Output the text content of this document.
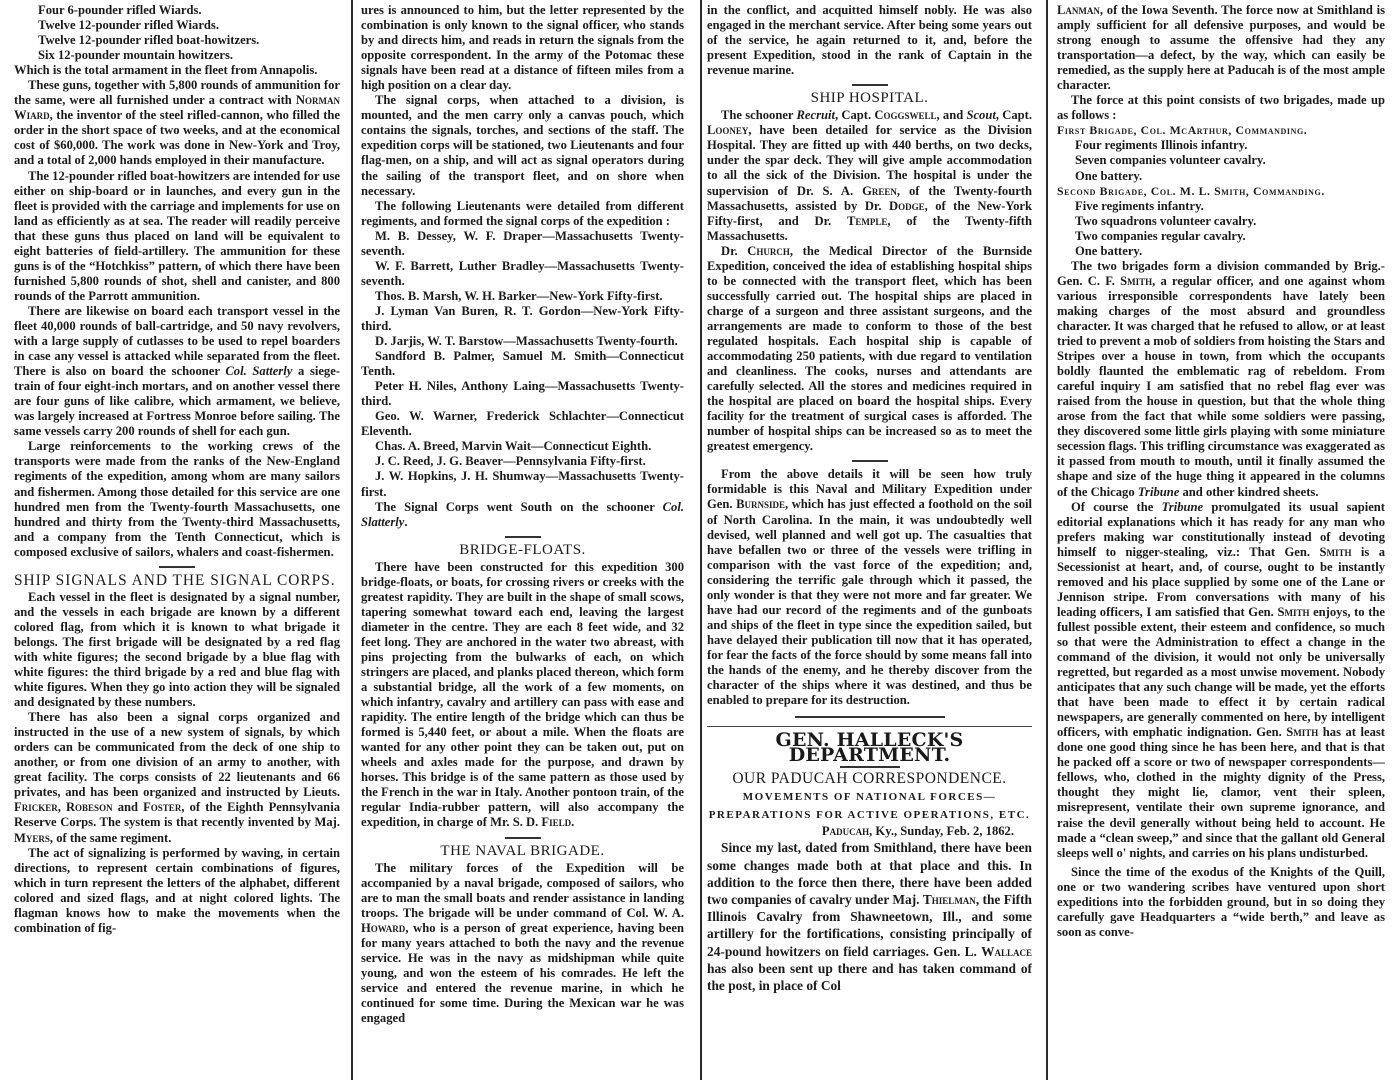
Four 6-pounder rifled Wiards.

Twelve 12-pounder rifled Wiards.

Twelve 12-pounder rifled boat-howitzers.

Six 12-pounder mountain howitzers.

Which is the total armament in the fleet from Annapolis.

These guns, together with 5,800 rounds of ammunition for the same, were all furnished under a contract with Norman Wiard, the inventor of the steel rifled-cannon, who filled the order in the short space of two weeks, and at the economical cost of $60,000. The work was done in New-York and Troy, and a total of 2,000 hands employed in their manufacture.

The 12-pounder rifled boat-howitzers are intended for use either on ship-board or in launches, and every gun in the fleet is provided with the carriage and implements for use on land as efficiently as at sea. The reader will readily perceive that these guns thus placed on land will be equivalent to eight batteries of field-artillery. The ammunition for these guns is of the “Hotchkiss” pattern, of which there have been furnished 5,800 rounds of shot, shell and canister, and 800 rounds of the Parrott ammunition.

There are likewise on board each transport vessel in the fleet 40,000 rounds of ball-cartridge, and 50 navy revolvers, with a large supply of cutlasses to be used to repel boarders in case any vessel is attacked while separated from the fleet. There is also on board the schooner Col. Satterly a siege-train of four eight-inch mortars, and on another vessel there are four guns of like calibre, which armament, we believe, was largely increased at Fortress Monroe before sailing. The same vessels carry 200 rounds of shell for each gun.

Large reinforcements to the working crews of the transports were made from the ranks of the New-England regiments of the expedition, among whom are many sailors and fishermen. Among those detailed for this service are one hundred men from the Twenty-fourth Massachusetts, one hundred and thirty from the Twenty-third Massachusetts, and a company from the Tenth Connecticut, which is composed exclusive of sailors, whalers and coast-fishermen.

SHIP SIGNALS AND THE SIGNAL CORPS.

Each vessel in the fleet is designated by a signal number, and the vessels in each brigade are known by a different colored flag, from which it is known to what brigade it belongs. The first brigade will be designated by a red flag with white figures; the second brigade by a blue flag with white figures: the third brigade by a red and blue flag with white figures. When they go into action they will be signaled and designated by these numbers.

There has also been a signal corps organized and instructed in the use of a new system of signals, by which orders can be communicated from the deck of one ship to another, or from one division of an army to another, with great facility. The corps consists of 22 lieutenants and 66 privates, and has been organized and instructed by Lieuts. Fricker, Robeson and Foster, of the Eighth Pennsylvania Reserve Corps. The system is that recently invented by Maj. Myers, of the same regiment.

The act of signalizing is performed by waving, in certain directions, to represent certain combinations of figures, which in turn represent the letters of the alphabet, different colored and sized flags, and at night colored lights. The flagman knows how to make the movements when the combination of fig-

ures is announced to him, but the letter represented by the combination is only known to the signal officer, who stands by and directs him, and reads in return the signals from the opposite correspondent. In the army of the Potomac these signals have been read at a distance of fifteen miles from a high position on a clear day.

The signal corps, when attached to a division, is mounted, and the men carry only a canvas pouch, which contains the signals, torches, and sections of the staff. The expedition corps will be stationed, two Lieutenants and four flag-men, on a ship, and will act as signal operators during the sailing of the transport fleet, and on shore when necessary.

The following Lieutenants were detailed from different regiments, and formed the signal corps of the expedition :

M. B. Dessey, W. F. Draper—Massachusetts Twenty-seventh.

W. F. Barrett, Luther Bradley—Massachusetts Twenty-seventh.

Thos. B. Marsh, W. H. Barker—New-York Fifty-first.

J. Lyman Van Buren, R. T. Gordon—New-York Fifty-third.

D. Jarjis, W. T. Barstow—Massachusetts Twenty-fourth.

Sandford B. Palmer, Samuel M. Smith—Connecticut Tenth.

Peter H. Niles, Anthony Laing—Massachusetts Twenty-third.

Geo. W. Warner, Frederick Schlachter—Connecticut Eleventh.

Chas. A. Breed, Marvin Wait—Connecticut Eighth.

J. C. Reed, J. G. Beaver—Pennsylvania Fifty-first.

J. W. Hopkins, J. H. Shumway—Massachusetts Twenty-first.

The Signal Corps went South on the schooner Col. Slatterly.

BRIDGE-FLOATS.

There have been constructed for this expedition 300 bridge-floats, or boats, for crossing rivers or creeks with the greatest rapidity. They are built in the shape of small scows, tapering somewhat toward each end, leaving the largest diameter in the centre. They are each 8 feet wide, and 32 feet long. They are anchored in the water two abreast, with pins projecting from the bulwarks of each, on which stringers are placed, and planks placed thereon, which form a substantial bridge, all the work of a few moments, on which infantry, cavalry and artillery can pass with ease and rapidity. The entire length of the bridge which can thus be formed is 5,440 feet, or about a mile. When the floats are wanted for any other point they can be taken out, put on wheels and axles made for the purpose, and drawn by horses. This bridge is of the same pattern as those used by the French in the war in Italy. Another pontoon train, of the regular India-rubber pattern, will also accompany the expedition, in charge of Mr. S. D. Field.

THE NAVAL BRIGADE.

The military forces of the Expedition will be accompanied by a naval brigade, composed of sailors, who are to man the small boats and render assistance in landing troops. The brigade will be under command of Col. W. A. Howard, who is a person of great experience, having been for many years attached to both the navy and the revenue service. He was in the navy as midshipman while quite young, and won the esteem of his comrades. He left the service and entered the revenue marine, in which he continued for some time. During the Mexican war he was engaged

in the conflict, and acquitted himself nobly. He was also engaged in the merchant service. After being some years out of the service, he again returned to it, and, before the present Expedition, stood in the rank of Captain in the revenue marine.

SHIP HOSPITAL.

The schooner Recruit, Capt. Coggswell, and Scout, Capt. Looney, have been detailed for service as the Division Hospital. They are fitted up with 440 berths, on two decks, under the spar deck. They will give ample accommodation to all the sick of the Division. The hospital is under the supervision of Dr. S. A. Green, of the Twenty-fourth Massachusetts, assisted by Dr. Dodge, of the New-York Fifty-first, and Dr. Temple, of the Twenty-fifth Massachusetts.

Dr. Church, the Medical Director of the Burnside Expedition, conceived the idea of establishing hospital ships to be connected with the transport fleet, which has been successfully carried out. The hospital ships are placed in charge of a surgeon and three assistant surgeons, and the arrangements are made to conform to those of the best regulated hospitals. Each hospital ship is capable of accommodating 250 patients, with due regard to ventilation and cleanliness. The cooks, nurses and attendants are carefully selected. All the stores and medicines required in the hospital are placed on board the hospital ships. Every facility for the treatment of surgical cases is afforded. The number of hospital ships can be increased so as to meet the greatest emergency.

From the above details it will be seen how truly formidable is this Naval and Military Expedition under Gen. Burnside, which has just effected a foothold on the soil of North Carolina. In the main, it was undoubtedly well devised, well planned and well got up. The casualties that have befallen two or three of the vessels were trifling in comparison with the vast force of the expedition; and, considering the terrific gale through which it passed, the only wonder is that they were not more and far greater. We have had our record of the regiments and of the gunboats and ships of the fleet in type since the expedition sailed, but have delayed their publication till now that it has operated, for fear the facts of the force should by some means fall into the hands of the enemy, and he thereby discover from the character of the ships where it was destined, and thus be enabled to prepare for its destruction.

GEN. HALLECK'S DEPARTMENT.
OUR PADUCAH CORRESPONDENCE.
MOVEMENTS OF NATIONAL FORCES—PREPARATIONS FOR ACTIVE OPERATIONS, ETC.

Paducah, Ky., Sunday, Feb. 2, 1862.

Since my last, dated from Smithland, there have been some changes made both at that place and this. In addition to the force then there, there have been added two companies of cavalry under Maj. Thielman, the Fifth Illinois Cavalry from Shawneetown, Ill., and some artillery for the fortifications, consisting principally of 24-pound howitzers on field carriages. Gen. L. Wallace has also been sent up there and has taken command of the post, in place of Col

Lanman, of the Iowa Seventh. The force now at Smithland is amply sufficient for all defensive purposes, and would be strong enough to assume the offensive had they any transportation—a defect, by the way, which can easily be remedied, as the supply here at Paducah is of the most ample character.

The force at this point consists of two brigades, made up as follows :

First Brigade, Col. McArthur, Commanding.

Four regiments Illinois infantry.

Seven companies volunteer cavalry.

One battery.

Second Brigade, Col. M. L. Smith, Commanding.

Five regiments infantry.

Two squadrons volunteer cavalry.

Two companies regular cavalry.

One battery.

The two brigades form a division commanded by Brig.-Gen. C. F. Smith, a regular officer, and one against whom various irresponsible correspondents have lately been making charges of the most absurd and groundless character. It was charged that he refused to allow, or at least tried to prevent a mob of soldiers from hoisting the Stars and Stripes over a house in town, from which the occupants boldly flaunted the emblematic rag of rebeldom. From careful inquiry I am satisfied that no rebel flag ever was raised from the house in question, but that the whole thing arose from the fact that while some soldiers were passing, they discovered some little girls playing with some miniature secession flags. This trifling circumstance was exaggerated as it passed from mouth to mouth, until it finally assumed the shape and size of the huge thing it appeared in the columns of the Chicago Tribune and other kindred sheets.

Of course the Tribune promulgated its usual sapient editorial explanations which it has ready for any man who prefers making war constitutionally instead of devoting himself to nigger-stealing, viz.: That Gen. Smith is a Secessionist at heart, and, of course, ought to be instantly removed and his place supplied by some one of the Lane or Jennison stripe. From conversations with many of his leading officers, I am satisfied that Gen. Smith enjoys, to the fullest possible extent, their esteem and confidence, so much so that were the Administration to effect a change in the command of the division, it would not only be universally regretted, but regarded as a most unwise movement. Nobody anticipates that any such change will be made, yet the efforts that have been made to effect it by certain radical newspapers, are generally commented on here, by intelligent officers, with emphatic indignation. Gen. Smith has at least done one good thing since he has been here, and that is that he packed off a score or two of newspaper correspondents—fellows, who, clothed in the mighty dignity of the Press, thought they might lie, clamor, vent their spleen, misrepresent, ventilate their own supreme ignorance, and raise the devil generally without being held to account. He made a “clean sweep,” and since that the gallant old General sleeps well o' nights, and carries on his plans undisturbed.

Since the time of the exodus of the Knights of the Quill, one or two wandering scribes have ventured upon short expeditions into the forbidden ground, but in so doing they carefully gave Headquarters a “wide berth,” and leave as soon as conve-
